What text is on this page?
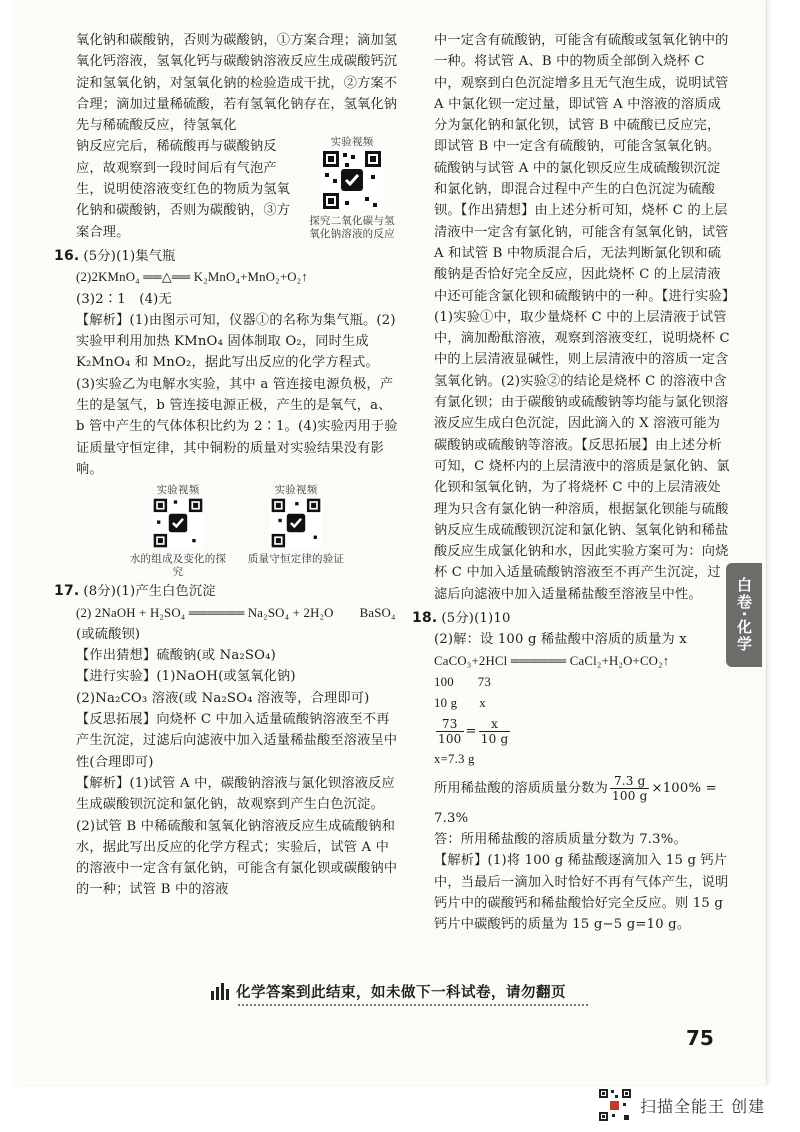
氧化钠和碳酸钠，否则为碳酸钠，①方案合理；滴加氢氧化钙溶液，氢氧化钙与碳酸钠溶液反应生成碳酸钙沉淀和氢氧化钠，对氢氧化钠的检验造成干扰，②方案不合理；滴加过量稀硫酸，若有氢氧化钠存在，氢氧化钠先与稀硫酸反应，待氢氧化

实验视频
探究二氧化碳与氢氧化钠溶液的反应

钠反应完后，稀硫酸再与碳酸钠反应，故观察到一段时间后有气泡产生，说明使溶液变红色的物质为氢氧化钠和碳酸钠，否则为碳酸钠，③方案合理。

16. (5分)(1)集气瓶

(2)2KMnO₄ ══△══ K₂MnO₄+MnO₂+O₂↑

(3)2∶1　(4)无

【解析】(1)由图示可知，仪器①的名称为集气瓶。(2)实验甲利用加热 KMnO₄ 固体制取 O₂，同时生成 K₂MnO₄ 和 MnO₂，据此写出反应的化学方程式。(3)实验乙为电解水实验，其中 a 管连接电源负极，产生的是氢气，b 管连接电源正极，产生的是氧气，a、b 管中产生的气体体积比约为 2∶1。(4)实验丙用于验证质量守恒定律，其中铜粉的质量对实验结果没有影响。

实验视频
水的组成及变化的探究
实验视频
质量守恒定律的验证

17. (8分)(1)产生白色沉淀

(2) 2NaOH + H₂SO₄ ══════ Na₂SO₄ + 2H₂O　　BaSO₄

(或硫酸钡)

【作出猜想】硫酸钠(或 Na₂SO₄)

【进行实验】(1)NaOH(或氢氧化钠)

(2)Na₂CO₃ 溶液(或 Na₂SO₄ 溶液等，合理即可)

【反思拓展】向烧杯 C 中加入适量硫酸钠溶液至不再产生沉淀，过滤后向滤液中加入适量稀盐酸至溶液呈中性(合理即可)

【解析】(1)试管 A 中，碳酸钠溶液与氯化钡溶液反应生成碳酸钡沉淀和氯化钠，故观察到产生白色沉淀。(2)试管 B 中稀硫酸和氢氧化钠溶液反应生成硫酸钠和水，据此写出反应的化学方程式；实验后，试管 A 中的溶液中一定含有氯化钠，可能含有氯化钡或碳酸钠中的一种；试管 B 中的溶液

中一定含有硫酸钠，可能含有硫酸或氢氧化钠中的一种。将试管 A、B 中的物质全部倒入烧杯 C 中，观察到白色沉淀增多且无气泡生成，说明试管 A 中氯化钡一定过量，即试管 A 中溶液的溶质成分为氯化钠和氯化钡，试管 B 中硫酸已反应完，即试管 B 中一定含有硫酸钠，可能含氢氧化钠。硫酸钠与试管 A 中的氯化钡反应生成硫酸钡沉淀和氯化钠，即混合过程中产生的白色沉淀为硫酸钡。【作出猜想】由上述分析可知，烧杯 C 的上层清液中一定含有氯化钠，可能含有氢氧化钠，试管 A 和试管 B 中物质混合后，无法判断氯化钡和硫酸钠是否恰好完全反应，因此烧杯 C 的上层清液中还可能含氯化钡和硫酸钠中的一种。【进行实验】(1)实验①中，取少量烧杯 C 中的上层清液于试管中，滴加酚酞溶液，观察到溶液变红，说明烧杯 C 中的上层清液显碱性，则上层清液中的溶质一定含氢氧化钠。(2)实验②的结论是烧杯 C 的溶液中含有氯化钡；由于碳酸钠或硫酸钠等均能与氯化钡溶液反应生成白色沉淀，因此滴入的 X 溶液可能为碳酸钠或硫酸钠等溶液。【反思拓展】由上述分析可知，C 烧杯内的上层清液中的溶质是氯化钠、氯化钡和氢氧化钠，为了将烧杯 C 中的上层清液处理为只含有氯化钠一种溶质，根据氯化钡能与硫酸钠反应生成硫酸钡沉淀和氯化钠、氢氧化钠和稀盐酸反应生成氯化钠和水，因此实验方案可为：向烧杯 C 中加入适量硫酸钠溶液至不再产生沉淀，过滤后向滤液中加入适量稀盐酸至溶液呈中性。

18. (5分)(1)10

(2)解：设 100 g 稀盐酸中溶质的质量为 x

CaCO₃+2HCl ══════ CaCl₂+H₂O+CO₂↑

100 73

10 g x

$\frac{73}{100} = \frac{x}{10 g}$

x=7.3 g

所用稀盐酸的溶质质量分数为 $\frac{7.3 g}{100 g} \times 100\%$ =

7.3%

答：所用稀盐酸的溶质质量分数为 7.3%。

【解析】(1)将 100 g 稀盐酸逐滴加入 15 g 钙片中，当最后一滴加入时恰好不再有气体产生，说明钙片中的碳酸钙和稀盐酸恰好完全反应。则 15 g 钙片中碳酸钙的质量为 15 g−5 g=10 g。

白卷·化学
化学答案到此结束，如未做下一科试卷，请勿翻页
75
扫描全能王 创建
